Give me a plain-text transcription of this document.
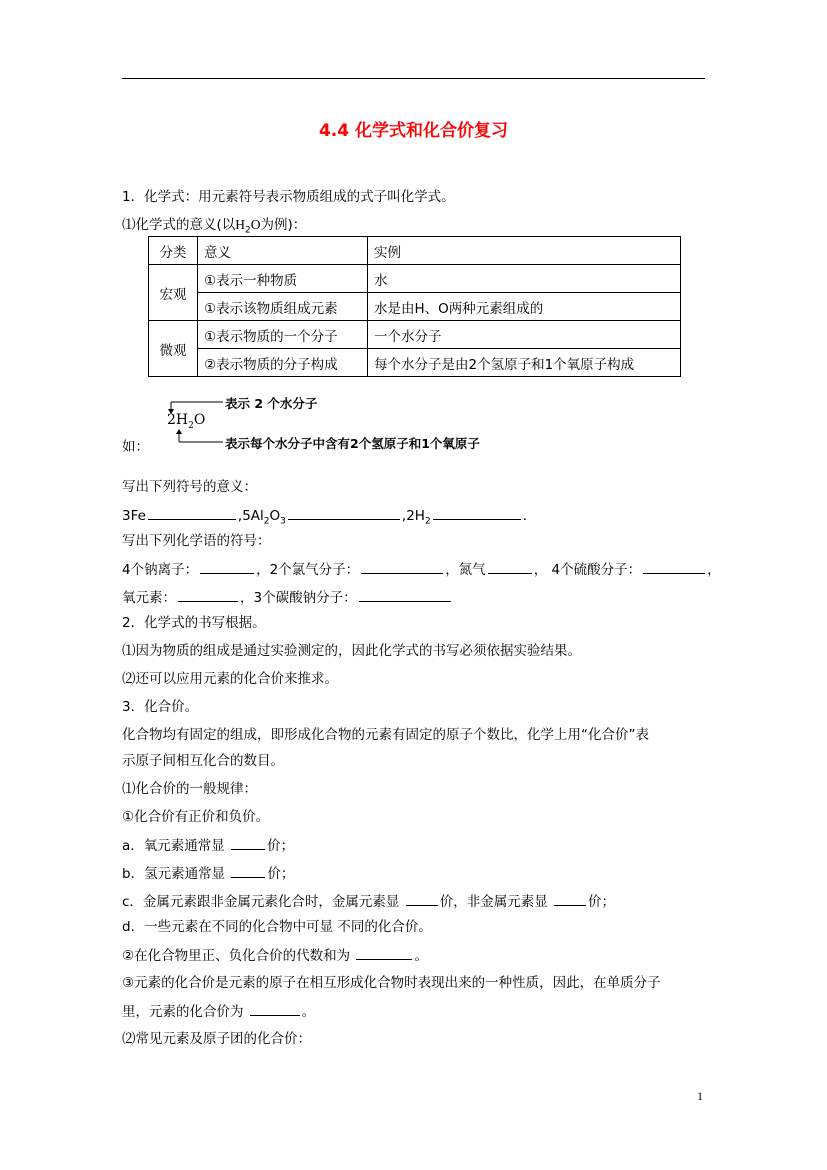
4.4 化学式和化合价复习
1．化学式：用元素符号表示物质组成的式子叫化学式。
⑴化学式的意义(以$H_2O$为例)：
分类	意义	实例
宏观	①表示一种物质	水
	①表示该物质组成元素	水是由H、O两种元素组成的
微观	①表示物质的一个分子	一个水分子
	②表示物质的分子构成	每个水分子是由2个氢原子和1个氧原子构成
$2H_2O$
表示 2 个水分子
表示每个水分子中含有2个氢原子和1个氧原子
如：
写出下列符号的意义：
3Fe	$,5Al_2O_3$	$,2H_2$	.
写出下列化学语的符号：
4个钠离子：	，2个氯气分子：	，氮气	， 4个硫酸分子：	，
氧元素：	，3个碳酸钠分子：
2．化学式的书写根据。
⑴因为物质的组成是通过实验测定的，因此化学式的书写必须依据实验结果。
⑵还可以应用元素的化合价来推求。
3．化合价。
化合物均有固定的组成，即形成化合物的元素有固定的原子个数比，化学上用“化合价”表
示原子间相互化合的数目。
⑴化合价的一般规律：
①化合价有正价和负价。
a．氧元素通常显	价；
b．氢元素通常显	价；
c．金属元素跟非金属元素化合时，金属元素显	价，非金属元素显	价；
d．一些元素在不同的化合物中可显 不同的化合价。
②在化合物里正、负化合价的代数和为	。
③元素的化合价是元素的原子在相互形成化合物时表现出来的一种性质，因此，在单质分子
里，元素的化合价为	。
⑵常见元素及原子团的化合价：
1
